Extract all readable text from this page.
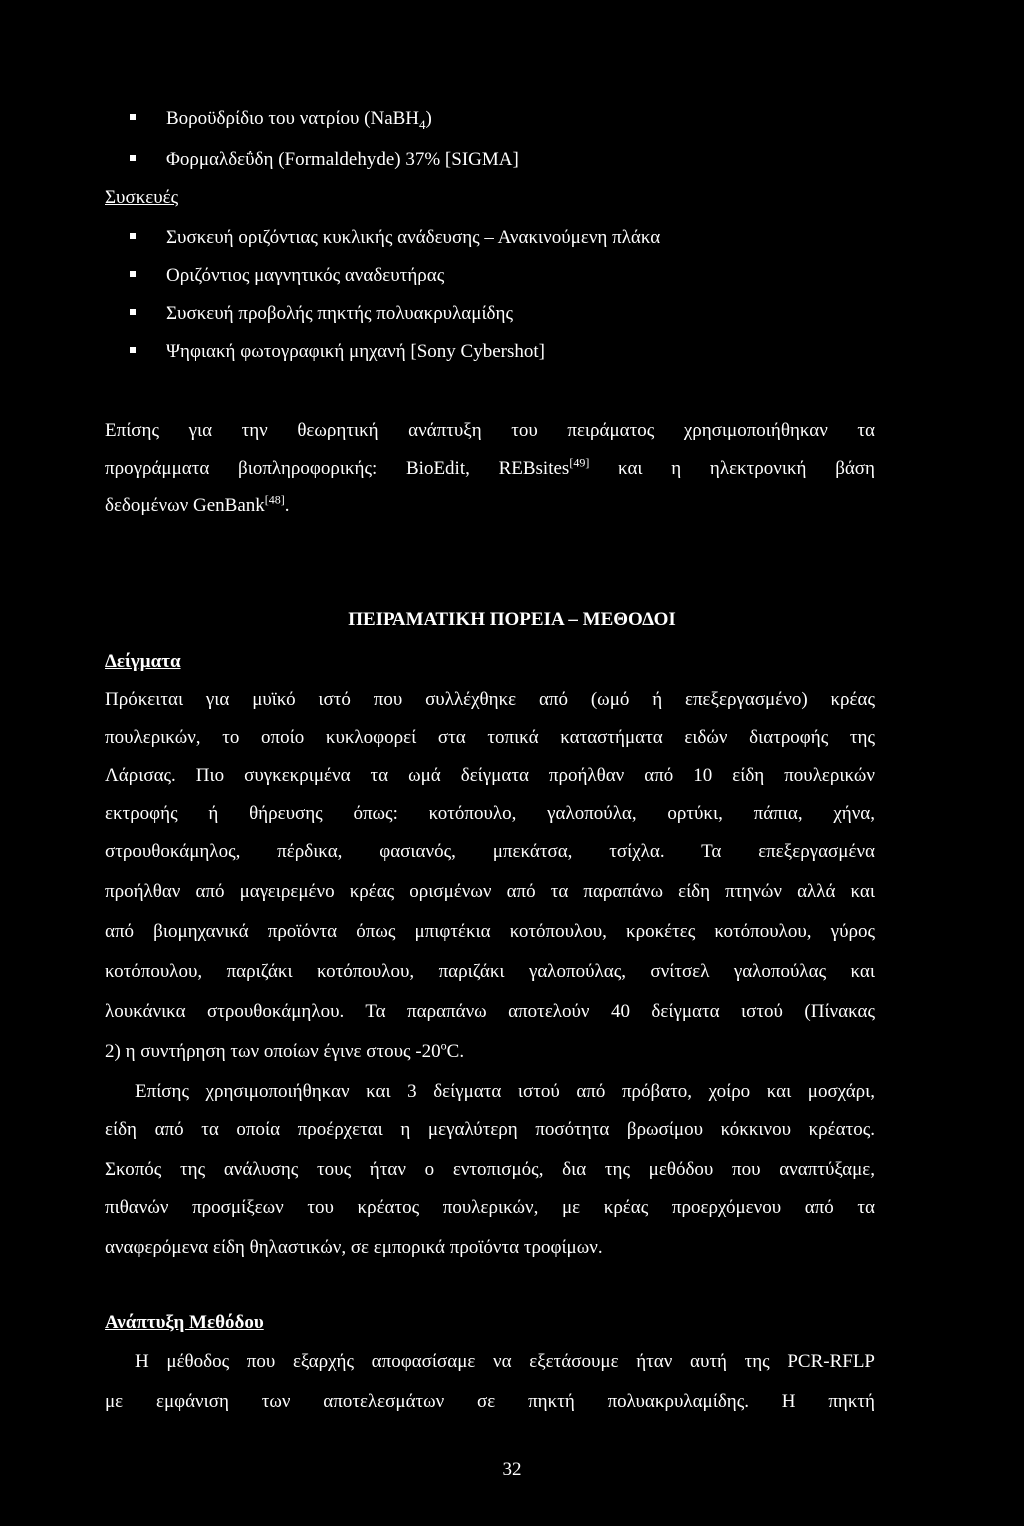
Βοροϋδρίδιο του νατρίου (NaBH$_4$)
Φορμαλδεΰδη (Formaldehyde) 37% [SIGMA]
Συσκευές
Συσκευή οριζόντιας κυκλικής ανάδευσης – Ανακινούμενη πλάκα
Οριζόντιος μαγνητικός αναδευτήρας
Συσκευή προβολής πηκτής πολυακρυλαμίδης
Ψηφιακή φωτογραφική μηχανή [Sony Cybershot]
Επίσης για την θεωρητική ανάπτυξη του πειράματος χρησιμοποιήθηκαν τα
προγράμματα βιοπληροφορικής: BioEdit, REBsites[49] και η ηλεκτρονική βάση
δεδομένων GenBank[48].
ΠΕΙΡΑΜΑΤΙΚΗ ΠΟΡΕΙΑ – ΜΕΘΟΔΟΙ
Δείγματα
Πρόκειται για μυϊκό ιστό που συλλέχθηκε από (ωμό ή επεξεργασμένο) κρέας
πουλερικών, το οποίο κυκλοφορεί στα τοπικά καταστήματα ειδών διατροφής της
Λάρισας. Πιο συγκεκριμένα τα ωμά δείγματα προήλθαν από 10 είδη πουλερικών
εκτροφής ή θήρευσης όπως: κοτόπουλο, γαλοπούλα, ορτύκι, πάπια, χήνα,
στρουθοκάμηλος, πέρδικα, φασιανός, μπεκάτσα, τσίχλα. Τα επεξεργασμένα
προήλθαν από μαγειρεμένο κρέας ορισμένων από τα παραπάνω είδη πτηνών αλλά και
από βιομηχανικά προϊόντα όπως μπιφτέκια κοτόπουλου, κροκέτες κοτόπουλου, γύρος
κοτόπουλου, παριζάκι κοτόπουλου, παριζάκι γαλοπούλας, σνίτσελ γαλοπούλας και
λουκάνικα στρουθοκάμηλου. Τα παραπάνω αποτελούν 40 δείγματα ιστού (Πίνακας
2) η συντήρηση των οποίων έγινε στους -20$^o$C.
Επίσης χρησιμοποιήθηκαν και 3 δείγματα ιστού από πρόβατο, χοίρο και μοσχάρι,
είδη από τα οποία προέρχεται η μεγαλύτερη ποσότητα βρωσίμου κόκκινου κρέατος.
Σκοπός της ανάλυσης τους ήταν ο εντοπισμός, δια της μεθόδου που αναπτύξαμε,
πιθανών προσμίξεων του κρέατος πουλερικών, με κρέας προερχόμενου από τα
αναφερόμενα είδη θηλαστικών, σε εμπορικά προϊόντα τροφίμων.
Ανάπτυξη Μεθόδου
Η μέθοδος που εξαρχής αποφασίσαμε να εξετάσουμε ήταν αυτή της PCR-RFLP
με εμφάνιση των αποτελεσμάτων σε πηκτή πολυακρυλαμίδης. Η πηκτή
32
